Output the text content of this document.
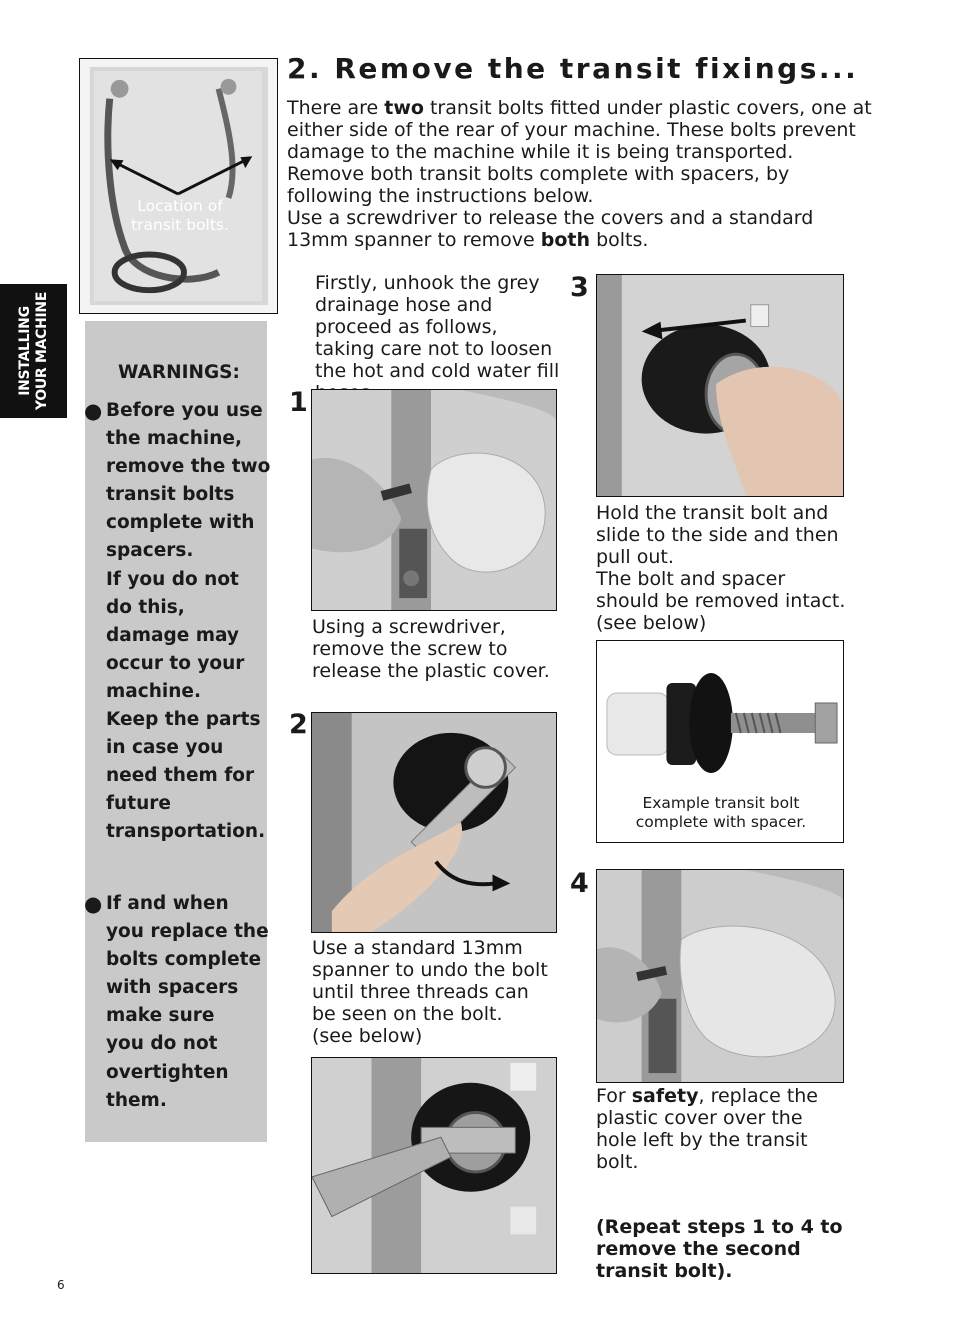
INSTALLING YOUR MACHINE
2. Remove the transit fixings...

There are two transit bolts fitted under plastic covers, one at either side of the rear of your machine. These bolts prevent damage to the machine while it is being transported.

Remove both transit bolts complete with spacers, by following the instructions below.

Use a screwdriver to release the covers and a standard 13mm spanner to remove both bolts.

Location of
transit bolts.
WARNINGS:
● Before you use
the machine,
remove the two
transit bolts
complete with
spacers.
If you do not
do this,
damage may
occur to your
machine.
Keep the parts
in case you
need them for
future
transportation.
● If and when
you replace the
bolts complete
with spacers
make sure
you do not
overtighten
them.
Firstly, unhook the grey drainage hose and proceed as follows, taking care not to loosen the hot and cold water fill
1
Using a screwdriver, remove the screw to release the plastic cover.
2

Use a standard 13mm spanner to undo the bolt until three threads can be seen on the bolt.

(see below)

3

Hold the transit bolt and slide to the side and then pull out.

The bolt and spacer should be removed intact. (see below)

Example transit bolt
complete with spacer.
4
For safety, replace the plastic cover over the hole left by the transit bolt.
(Repeat steps 1 to 4 to remove the second transit bolt).
6
